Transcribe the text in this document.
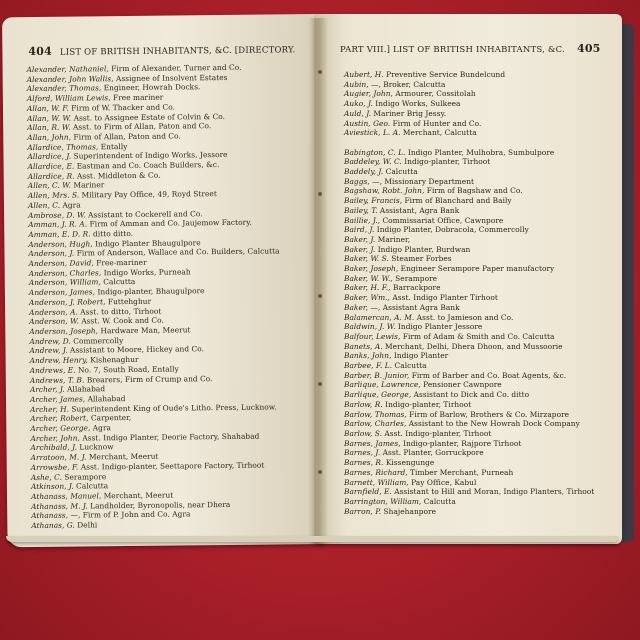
404 LIST OF BRITISH INHABITANTS, &C. [DIRECTORY.
Alexander, Nathaniel, Firm of Alexander, Turner and Co.
Alexander, John Wallis, Assignee of Insolvent Estates
Alexander, Thomas, Engineer, Howrah Docks.
Alford, William Lewis, Free mariner
Allan, W. F. Firm of W. Thacker and Co.
Allan, W. W. Asst. to Assignee Estate of Colvin & Co.
Allan, R. W. Asst. to Firm of Allan, Paton and Co.
Allan, John, Firm of Allan, Paton and Co.
Allardice, Thomas, Entally
Allardice, J. Superintendent of Indigo Works, Jessore
Allardice, E. Eastman and Co. Coach Builders, &c.
Allardice, R. Asst. Middleton & Co.
Allen, C. W. Mariner
Allen, Mrs. S. Military Pay Office, 49, Royd Street
Allen, C. Agra
Ambrose, D. W. Assistant to Cockerell and Co.
Amman, J. R. A. Firm of Amman and Co. Jaujemow Factory.
Amman, E. D. R. ditto ditto.
Anderson, Hugh, Indigo Planter Bhaugulpore
Anderson, J. Firm of Anderson, Wallace and Co. Builders, Calcutta
Anderson, David, Free-mariner
Anderson, Charles, Indigo Works, Purneah
Anderson, William, Calcutta
Anderson, James, Indigo-planter, Bhaugulpore
Anderson, J. Robert, Futtehghur
Anderson, A. Asst. to ditto, Tirhoot
Anderson, W. Asst. W. Cook and Co.
Anderson, Joseph, Hardware Man, Meerut
Andrew, D. Commercolly
Andrew, J. Assistant to Moore, Hickey and Co.
Andrew, Henry, Kishenaghur
Andrews, E. No. 7, South Road, Entally
Andrews, T. B. Brearers, Firm of Crump and Co.
Archer, J. Allahabad
Archer, James, Allahabad
Archer, H. Superintendent King of Oude's Litho. Press, Lucknow.
Archer, Robert, Carpenter,
Archer, George, Agra
Archer, John, Asst. Indigo Planter, Deorie Factory, Shahabad
Archibald, J. Lucknow
Arratoon, M. J. Merchant, Meerut
Arrowsbe, F. Asst. Indigo-planter, Seettapore Factory, Tirhoot
Ashe, C. Serampore
Atkinson, J. Calcutta
Athanass, Manuel, Merchant, Meerut
Athanass, M. J. Landholder, Byronopolis, near Dhera
Athanass, —, Firm of P. John and Co. Agra
Athanas, G. Delhi
PART VIII.] LIST OF BRITISH INHABITANTS, &C. 405
Aubert, H. Preventive Service Bundelcund
Aubin, —, Broker, Calcutta
Augier, John, Armourer, Cossitolah
Auko, J. Indigo Works, Sulkeea
Auld, J. Mariner Brig Jessy.
Austin, Geo. Firm of Hunter and Co.
Aviestick, L. A. Merchant, Calcutta
Babington, C. L. Indigo Planter, Mulhobra, Sumbulpore
Baddeley, W. C. Indigo-planter, Tirhoot
Baddely, J. Calcutta
Baggs, —, Missionary Department
Bagshaw, Robt. John, Firm of Bagshaw and Co.
Bailey, Francis, Firm of Blanchard and Baily
Bailey, T. Assistant, Agra Bank
Baillie, J., Commissariat Office, Cawnpore
Baird, J. Indigo Planter, Dobracola, Commercolly
Baker, J. Mariner,
Baker, J. Indigo Planter, Burdwan
Baker, W. S. Steamer Forbes
Baker, Joseph, Engineer Serampore Paper manufactory
Baker, W. W., Serampore
Baker, H. F., Barrackpore
Baker, Wm., Asst. Indigo Planter Tirhoot
Baker, —, Assistant Agra Bank
Balamercan, A. M. Asst. to Jamieson and Co.
Baldwin, J. W. Indigo Planter Jessore
Balfour, Lewis, Firm of Adam & Smith and Co. Calcutta
Banets, A. Merchant, Delhi, Dhera Dhoon, and Mussoorie
Banks, John, Indigo Planter
Barbee, F. L. Calcutta
Barber, B. Junior, Firm of Barber and Co. Boat Agents, &c.
Barlique, Lawrence, Pensioner Cawnpore
Barlique, George, Assistant to Dick and Co. ditto
Barlow, R. Indigo-planter, Tirhoot
Barlow, Thomas, Firm of Barlow, Brothers & Co. Mirzapore
Barlow, Charles, Assistant to the New Howrah Dock Company
Barlow, S. Asst. Indigo-planter, Tirhoot
Barnes, James, Indigo-planter, Rajpore Tirhoot
Barnes, J. Asst. Planter, Gorruckpore
Barnes, R. Kissengunge
Barnes, Richard, Timber Merchant, Purneah
Barnett, William, Pay Office, Kabul
Barnfield, E. Assistant to Hill and Moran, Indigo Planters, Tirhoot
Barrington, William, Calcutta
Barron, P. Shajehanpore
